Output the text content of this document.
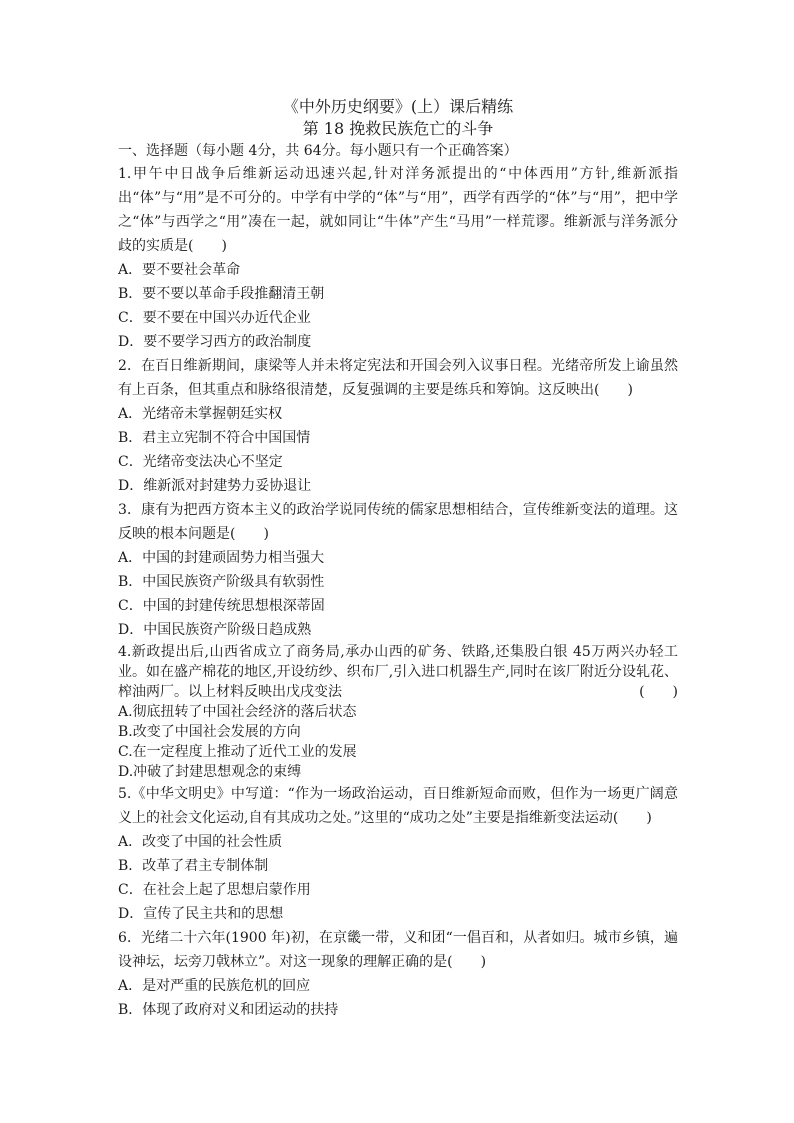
《中外历史纲要》(上）课后精练
第 18 挽救民族危亡的斗争

一、选择题（每小题 4分，共 64分。每小题只有一个正确答案）

1.甲午中日战争后维新运动迅速兴起,针对洋务派提出的“中体西用”方针,维新派指出“体”与“用”是不可分的。中学有中学的“体”与“用”，西学有西学的“体”与“用”，把中学之“体”与西学之“用”凑在一起，就如同让“牛体”产生“马用”一样荒谬。维新派与洋务派分歧的实质是(　　)

A．要不要社会革命

B．要不要以革命手段推翻清王朝

C．要不要在中国兴办近代企业

D．要不要学习西方的政治制度

2．在百日维新期间，康梁等人并未将定宪法和开国会列入议事日程。光绪帝所发上谕虽然有上百条，但其重点和脉络很清楚，反复强调的主要是练兵和筹饷。这反映出(　　)

A．光绪帝未掌握朝廷实权

B．君主立宪制不符合中国国情

C．光绪帝变法决心不坚定

D．维新派对封建势力妥协退让

3．康有为把西方资本主义的政治学说同传统的儒家思想相结合，宣传维新变法的道理。这反映的根本问题是(　　)

A．中国的封建顽固势力相当强大

B．中国民族资产阶级具有软弱性

C．中国的封建传统思想根深蒂固

D．中国民族资产阶级日趋成熟

4.新政提出后,山西省成立了商务局,承办山西的矿务、铁路,还集股白银 45万两兴办轻工业。如在盛产棉花的地区,开设纺纱、织布厂,引入进口机器生产,同时在该厂附近分设轧花、榨油两厂。以上材料反映出戊戌变法	(　　)

A.彻底扭转了中国社会经济的落后状态

B.改变了中国社会发展的方向

C.在一定程度上推动了近代工业的发展

D.冲破了封建思想观念的束缚

5.《中华文明史》中写道：“作为一场政治运动，百日维新短命而败，但作为一场更广阔意义上的社会文化运动,自有其成功之处。”这里的“成功之处”主要是指维新变法运动(　　)

A．改变了中国的社会性质

B．改革了君主专制体制

C．在社会上起了思想启蒙作用

D．宣传了民主共和的思想

6．光绪二十六年(1900 年)初，在京畿一带，义和团“一倡百和，从者如归。城市乡镇，遍设神坛，坛旁刀戟林立”。对这一现象的理解正确的是(　　)

A．是对严重的民族危机的回应

B．体现了政府对义和团运动的扶持
